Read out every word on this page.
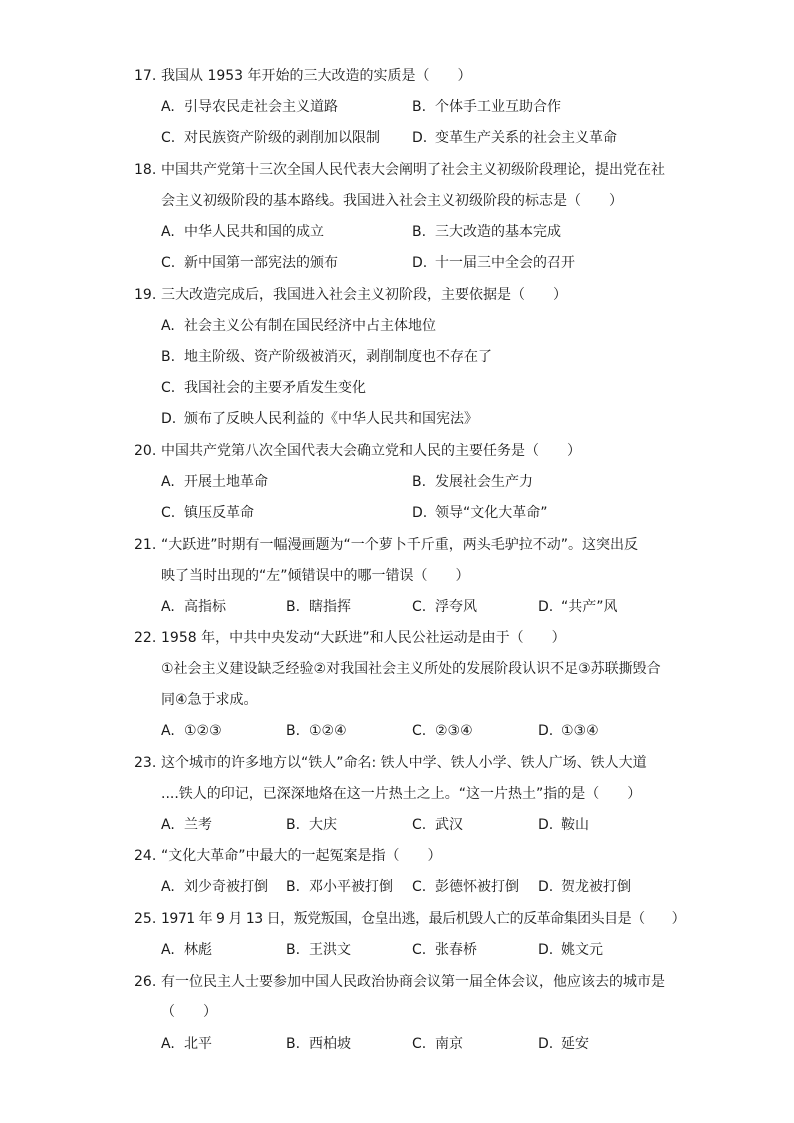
17. 我国从 1953 年开始的三大改造的实质是（　　）
A. 引导农民走社会主义道路	B. 个体手工业互助合作
C. 对民族资产阶级的剥削加以限制 D. 变革生产关系的社会主义革命
18. 中国共产党第十三次全国人民代表大会阐明了社会主义初级阶段理论，提出党在社
会主义初级阶段的基本路线。我国进入社会主义初级阶段的标志是（　　）
A. 中华人民共和国的成立	B. 三大改造的基本完成
C. 新中国第一部宪法的颁布	D. 十一届三中全会的召开
19. 三大改造完成后，我国进入社会主义初阶段，主要依据是（　　）
A. 社会主义公有制在国民经济中占主体地位
B. 地主阶级、资产阶级被消灭，剥削制度也不存在了
C. 我国社会的主要矛盾发生变化
D. 颁布了反映人民利益的《中华人民共和国宪法》
20. 中国共产党第八次全国代表大会确立党和人民的主要任务是（　　）
A. 开展土地革命	B. 发展社会生产力
C. 镇压反革命	D. 领导“文化大革命”
21. “大跃进”时期有一幅漫画题为“一个萝卜千斤重，两头毛驴拉不动”。这突出反
映了当时出现的“左”倾错误中的哪一错误（　　）
A. 高指标	B. 瞎指挥	C. 浮夸风	D. “共产”风
22. 1958 年，中共中央发动“大跃进”和人民公社运动是由于（　　）
①社会主义建设缺乏经验②对我国社会主义所处的发展阶段认识不足③苏联撕毁合
同④急于求成。
A. ①②③	B. ①②④	C. ②③④	D. ①③④
23. 这个城市的许多地方以“铁人”命名: 铁人中学、铁人小学、铁人广场、铁人大道
....铁人的印记，已深深地烙在这一片热土之上。“这一片热土”指的是（　　）
A. 兰考	B. 大庆	C. 武汉	D. 鞍山
24. “文化大革命”中最大的一起冤案是指（　　）
A. 刘少奇被打倒 B. 邓小平被打倒 C. 彭德怀被打倒 D. 贺龙被打倒
25. 1971 年 9 月 13 日，叛党叛国，仓皇出逃，最后机毁人亡的反革命集团头目是（　　）
A. 林彪	B. 王洪文	C. 张春桥	D. 姚文元
26. 有一位民主人士要参加中国人民政治协商会议第一届全体会议，他应该去的城市是
（　　）
A. 北平	B. 西柏坡	C. 南京	D. 延安
